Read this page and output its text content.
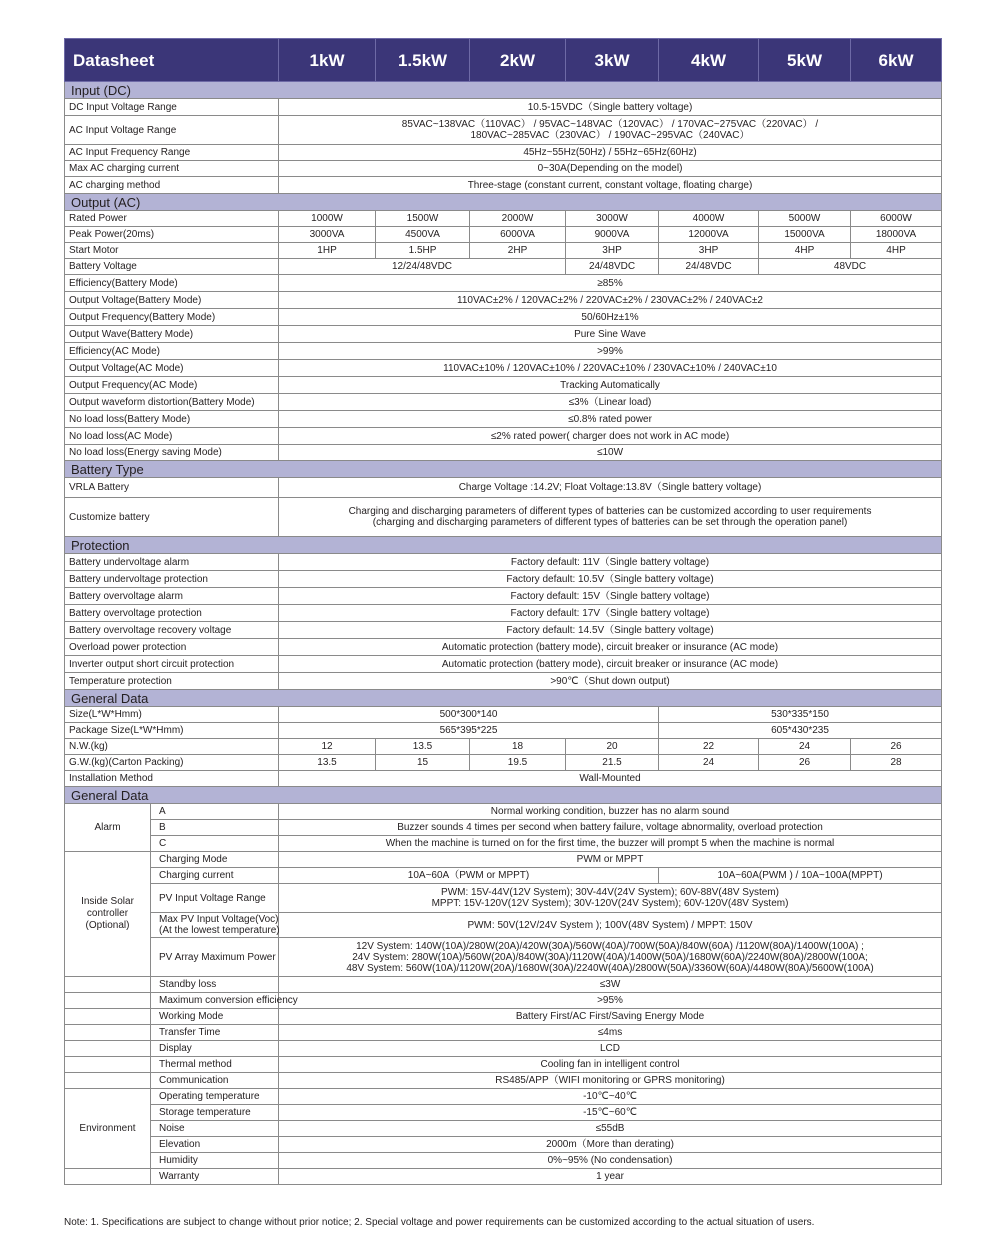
Datasheet		1kW	1.5kW	2kW	3kW	4kW	5kW	6kW
Input (DC)								
DC Input Voltage Range		10.5-15VDC（Single battery voltage)						
AC Input Voltage Range		85VAC~138VAC（110VAC） / 95VAC~148VAC（120VAC） / 170VAC~275VAC（220VAC） /
180VAC~285VAC（230VAC） / 190VAC~295VAC（240VAC）						

AC Input Frequency Range		45Hz~55Hz(50Hz) / 55Hz~65Hz(60Hz)						
Max AC charging current		0~30A(Depending on the model)						
AC charging method		Three-stage (constant current, constant voltage, floating charge)						
Output (AC)								
Rated Power		1000W	1500W	2000W	3000W	4000W	5000W	6000W
Peak Power(20ms)		3000VA	4500VA	6000VA	9000VA	12000VA	15000VA	18000VA
Start Motor		1HP	1.5HP	2HP	3HP	3HP	4HP	4HP
Battery Voltage		12/24/48VDC			24/48VDC	24/48VDC	48VDC	
Efficiency(Battery Mode)		≥85%						
Output Voltage(Battery Mode)		110VAC±2% / 120VAC±2% / 220VAC±2% / 230VAC±2% / 240VAC±2						
Output Frequency(Battery Mode)		50/60Hz±1%						
Output Wave(Battery Mode)		Pure Sine Wave						
Efficiency(AC Mode)		>99%						
Output Voltage(AC Mode)		110VAC±10% / 120VAC±10% / 220VAC±10% / 230VAC±10% / 240VAC±10						
Output Frequency(AC Mode)		Tracking Automatically						
Output waveform distortion(Battery Mode)		≤3%（Linear load)						
No load loss(Battery Mode)		≤0.8% rated power						
No load loss(AC Mode)		≤2% rated power( charger does not work in AC mode)						
No load loss(Energy saving Mode)		≤10W						
Battery Type								
VRLA Battery		Charge Voltage :14.2V; Float Voltage:13.8V（Single battery voltage)						
Customize battery		Charging and discharging parameters of different types of batteries can be customized according to user requirements
(charging and discharging parameters of different types of batteries can be set through the operation panel)						

Protection								
Battery undervoltage alarm		Factory default: 11V（Single battery voltage)						
Battery undervoltage protection		Factory default: 10.5V（Single battery voltage)						
Battery overvoltage alarm		Factory default: 15V（Single battery voltage)						
Battery overvoltage protection		Factory default: 17V（Single battery voltage)						
Battery overvoltage recovery voltage		Factory default: 14.5V（Single battery voltage)						
Overload power protection		Automatic protection (battery mode), circuit breaker or insurance (AC mode)						
Inverter output short circuit protection		Automatic protection (battery mode), circuit breaker or insurance (AC mode)						
Temperature protection		>90℃（Shut down output)						
General Data								
Size(L*W*Hmm)		500*300*140				530*335*150		
Package Size(L*W*Hmm)		565*395*225				605*430*235		
N.W.(kg)		12	13.5	18	20	22	24	26
G.W.(kg)(Carton Packing)		13.5	15	19.5	21.5	24	26	28
Installation Method		Wall-Mounted						
General Data								
Alarm	A	Normal working condition, buzzer has no alarm sound						
	B	Buzzer sounds 4 times per second when battery failure, voltage abnormality, overload protection						
	C	When the machine is turned on for the first time, the buzzer will prompt 5 when the machine is normal						
Inside Solar controller (Optional)	Charging Mode	PWM or MPPT						
	Charging current	10A~60A（PWM or MPPT)				10A~60A(PWM ) / 10A~100A(MPPT)		
	PV Input Voltage Range	PWM: 15V-44V(12V System); 30V-44V(24V System); 60V-88V(48V System)
MPPT: 15V-120V(12V System); 30V-120V(24V System); 60V-120V(48V System)						

	Max PV Input Voltage(Voc)
(At the lowest temperature)	PWM: 50V(12V/24V System ); 100V(48V System) / MPPT: 150V						
	PV Array Maximum Power	12V System: 140W(10A)/280W(20A)/420W(30A)/560W(40A)/700W(50A)/840W(60A) /1120W(80A)/1400W(100A) ;
24V System: 280W(10A)/560W(20A)/840W(30A)/1120W(40A)/1400W(50A)/1680W(60A)/2240W(80A)/2800W(100A;
48V System: 560W(10A)/1120W(20A)/1680W(30A)/2240W(40A)/2800W(50A)/3360W(60A)/4480W(80A)/5600W(100A)						

	Standby loss	≤3W						
	Maximum conversion efficiency	>95%						
	Working Mode	Battery First/AC First/Saving Energy Mode						
	Transfer Time	≤4ms						
	Display	LCD						
	Thermal method	Cooling fan in intelligent control						
	Communication	RS485/APP（WIFI monitoring or GPRS monitoring)						
Environment	Operating temperature	-10℃~40℃						
	Storage temperature	-15℃~60℃						
	Noise	≤55dB						
	Elevation	2000m（More than derating)						
	Humidity	0%~95% (No condensation)						
	Warranty	1 year						
Note: 1. Specifications are subject to change without prior notice; 2. Special voltage and power requirements can be customized according to the actual situation of users.
